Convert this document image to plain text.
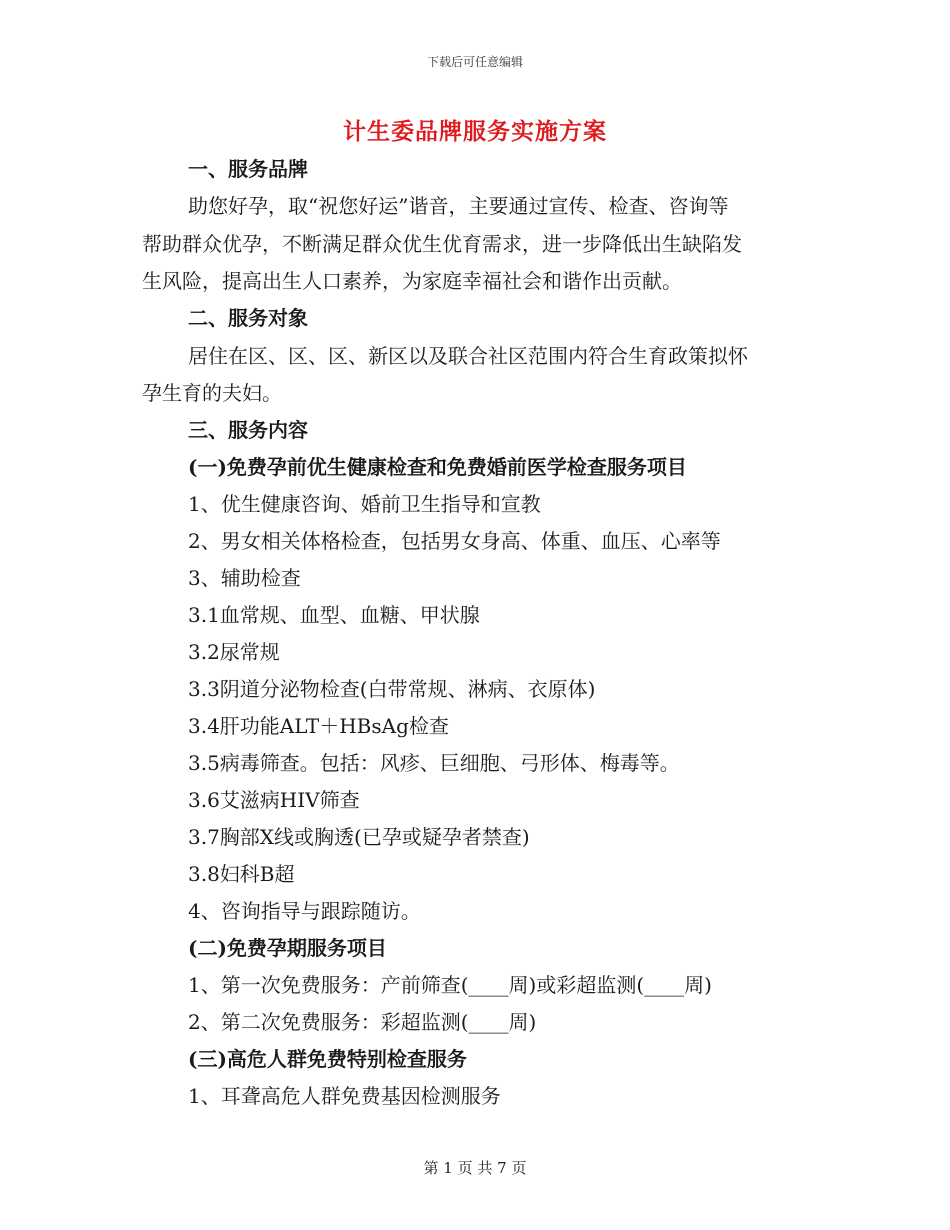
下载后可任意编辑
计生委品牌服务实施方案
一、服务品牌
助您好孕，取“祝您好运”谐音，主要通过宣传、检查、咨询等
帮助群众优孕，不断满足群众优生优育需求，进一步降低出生缺陷发
生风险，提高出生人口素养，为家庭幸福社会和谐作出贡献。
二、服务对象
居住在区、区、区、新区以及联合社区范围内符合生育政策拟怀
孕生育的夫妇。
三、服务内容
(一)免费孕前优生健康检查和免费婚前医学检查服务项目
1、优生健康咨询、婚前卫生指导和宣教
2、男女相关体格检查，包括男女身高、体重、血压、心率等
3、辅助检查
3.1血常规、血型、血糖、甲状腺
3.2尿常规
3.3阴道分泌物检查(白带常规、淋病、衣原体)
3.4肝功能ALT＋HBsAg检查
3.5病毒筛查。包括：风疹、巨细胞、弓形体、梅毒等。
3.6艾滋病HIV筛查
3.7胸部X线或胸透(已孕或疑孕者禁查)
3.8妇科B超
4、咨询指导与跟踪随访。
(二)免费孕期服务项目
1、第一次免费服务：产前筛查(____周)或彩超监测(____周)
2、第二次免费服务：彩超监测(____周)
(三)高危人群免费特别检查服务
1、耳聋高危人群免费基因检测服务
第 1 页 共 7 页
